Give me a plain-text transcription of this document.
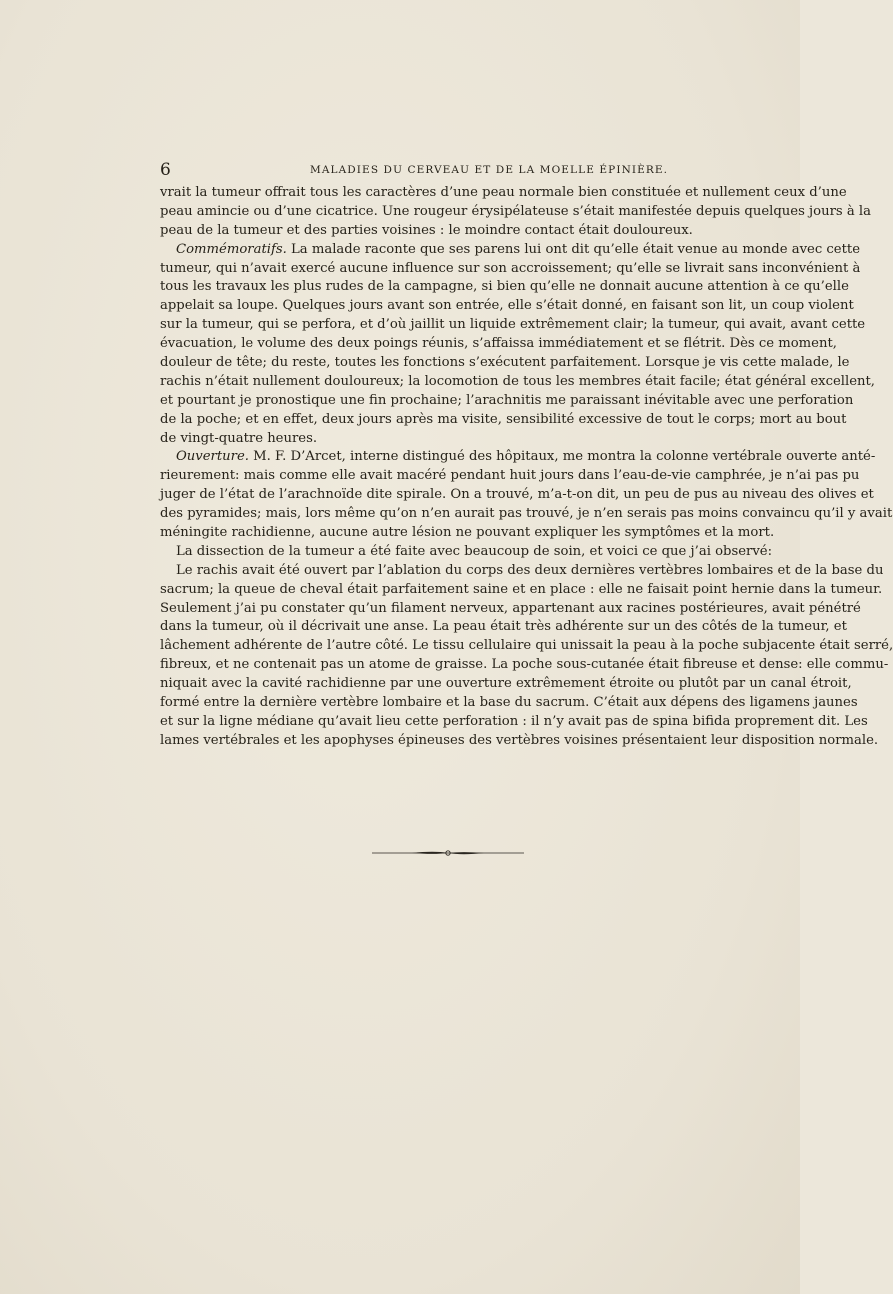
6	MALADIES DU CERVEAU ET DE LA MOELLE ÉPINIÈRE.
vrait la tumeur offrait tous les caractères d’une peau normale bien constituée et nullement ceux d’une
peau amincie ou d’une cicatrice. Une rougeur érysipélateuse s’était manifestée depuis quelques jours à la
peau de la tumeur et des parties voisines : le moindre contact était douloureux.
Commémoratifs. La malade raconte que ses parens lui ont dit qu’elle était venue au monde avec cette
tumeur, qui n’avait exercé aucune influence sur son accroissement; qu’elle se livrait sans inconvénient à
tous les travaux les plus rudes de la campagne, si bien qu’elle ne donnait aucune attention à ce qu’elle
appelait sa loupe. Quelques jours avant son entrée, elle s’était donné, en faisant son lit, un coup violent
sur la tumeur, qui se perfora, et d’où jaillit un liquide extrêmement clair; la tumeur, qui avait, avant cette
évacuation, le volume des deux poings réunis, s’affaissa immédiatement et se flétrit. Dès ce moment,
douleur de tête; du reste, toutes les fonctions s’exécutent parfaitement. Lorsque je vis cette malade, le
rachis n’était nullement douloureux; la locomotion de tous les membres était facile; état général excellent,
et pourtant je pronostique une fin prochaine; l’arachnitis me paraissant inévitable avec une perforation
de la poche; et en effet, deux jours après ma visite, sensibilité excessive de tout le corps; mort au bout
de vingt-quatre heures.
Ouverture. M. F. D’Arcet, interne distingué des hôpitaux, me montra la colonne vertébrale ouverte anté-
rieurement: mais comme elle avait macéré pendant huit jours dans l’eau-de-vie camphrée, je n’ai pas pu
juger de l’état de l’arachnoïde dite spirale. On a trouvé, m’a-t-on dit, un peu de pus au niveau des olives et
des pyramides; mais, lors même qu’on n’en aurait pas trouvé, je n’en serais pas moins convaincu qu’il y avait
méningite rachidienne, aucune autre lésion ne pouvant expliquer les symptômes et la mort.
La dissection de la tumeur a été faite avec beaucoup de soin, et voici ce que j’ai observé:
Le rachis avait été ouvert par l’ablation du corps des deux dernières vertèbres lombaires et de la base du
sacrum; la queue de cheval était parfaitement saine et en place : elle ne faisait point hernie dans la tumeur.
Seulement j’ai pu constater qu’un filament nerveux, appartenant aux racines postérieures, avait pénétré
dans la tumeur, où il décrivait une anse. La peau était très adhérente sur un des côtés de la tumeur, et
lâchement adhérente de l’autre côté. Le tissu cellulaire qui unissait la peau à la poche subjacente était serré,
fibreux, et ne contenait pas un atome de graisse. La poche sous-cutanée était fibreuse et dense: elle commu-
niquait avec la cavité rachidienne par une ouverture extrêmement étroite ou plutôt par un canal étroit,
formé entre la dernière vertèbre lombaire et la base du sacrum. C’était aux dépens des ligamens jaunes
et sur la ligne médiane qu’avait lieu cette perforation : il n’y avait pas de spina bifida proprement dit. Les
lames vertébrales et les apophyses épineuses des vertèbres voisines présentaient leur disposition normale.
